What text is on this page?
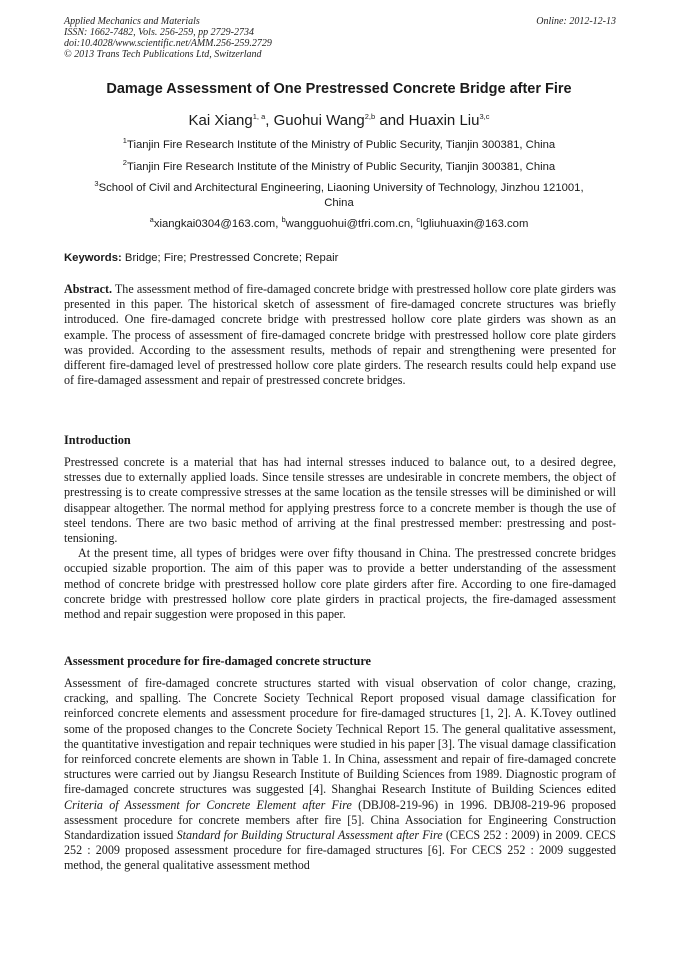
Applied Mechanics and Materials
ISSN: 1662-7482, Vols. 256-259, pp 2729-2734
doi:10.4028/www.scientific.net/AMM.256-259.2729
© 2013 Trans Tech Publications Ltd, Switzerland
Online: 2012-12-13
Damage Assessment of One Prestressed Concrete Bridge after Fire
Kai Xiang$^{1, a}$, Guohui Wang$^{2,b}$ and Huaxin Liu$^{3,c}$
$^1$Tianjin Fire Research Institute of the Ministry of Public Security, Tianjin 300381, China
$^2$Tianjin Fire Research Institute of the Ministry of Public Security, Tianjin 300381, China
$^3$School of Civil and Architectural Engineering, Liaoning University of Technology, Jinzhou 121001,
China
$^a$xiangkai0304@163.com, $^b$wangguohui@tfri.com.cn, $^c$lgliuhuaxin@163.com
Keywords: Bridge; Fire; Prestressed Concrete; Repair

Abstract. The assessment method of fire-damaged concrete bridge with prestressed hollow core plate girders was presented in this paper. The historical sketch of assessment of fire-damaged concrete structures was briefly introduced. One fire-damaged concrete bridge with prestressed hollow core plate girders was shown as an example. The process of assessment of fire-damaged concrete bridge with prestressed hollow core plate girders was provided. According to the assessment results, methods of repair and strengthening were presented for different fire-damaged level of prestressed hollow core plate girders. The research results could help expand use of fire-damaged assessment and repair of prestressed concrete bridges.

Introduction

Prestressed concrete is a material that has had internal stresses induced to balance out, to a desired degree, stresses due to externally applied loads. Since tensile stresses are undesirable in concrete members, the object of prestressing is to create compressive stresses at the same location as the tensile stresses will be diminished or will disappear altogether. The normal method for applying prestress force to a concrete member is though the use of steel tendons. There are two basic method of arriving at the final prestressed member: prestressing and post-tensioning.

At the present time, all types of bridges were over fifty thousand in China. The prestressed concrete bridges occupied sizable proportion. The aim of this paper was to provide a better understanding of the assessment method of concrete bridge with prestressed hollow core plate girders after fire. According to one fire-damaged concrete bridge with prestressed hollow core plate girders in practical projects, the fire-damaged assessment method and repair suggestion were proposed in this paper.

Assessment procedure for fire-damaged concrete structure

Assessment of fire-damaged concrete structures started with visual observation of color change, crazing, cracking, and spalling. The Concrete Society Technical Report proposed visual damage classification for reinforced concrete elements and assessment procedure for fire-damaged structures [1, 2]. A. K.Tovey outlined some of the proposed changes to the Concrete Society Technical Report 15. The general qualitative assessment, the quantitative investigation and repair techniques were studied in his paper [3]. The visual damage classification for reinforced concrete elements are shown in Table 1. In China, assessment and repair of fire-damaged concrete structures were carried out by Jiangsu Research Institute of Building Sciences from 1989. Diagnostic program of fire-damaged concrete structures was suggested [4]. Shanghai Research Institute of Building Sciences edited Criteria of Assessment for Concrete Element after Fire (DBJ08-219-96) in 1996. DBJ08-219-96 proposed assessment procedure for concrete members after fire [5]. China Association for Engineering Construction Standardization issued Standard for Building Structural Assessment after Fire (CECS 252 : 2009) in 2009. CECS 252 : 2009 proposed assessment procedure for fire-damaged structures [6]. For CECS 252 : 2009 suggested method, the general qualitative assessment method
